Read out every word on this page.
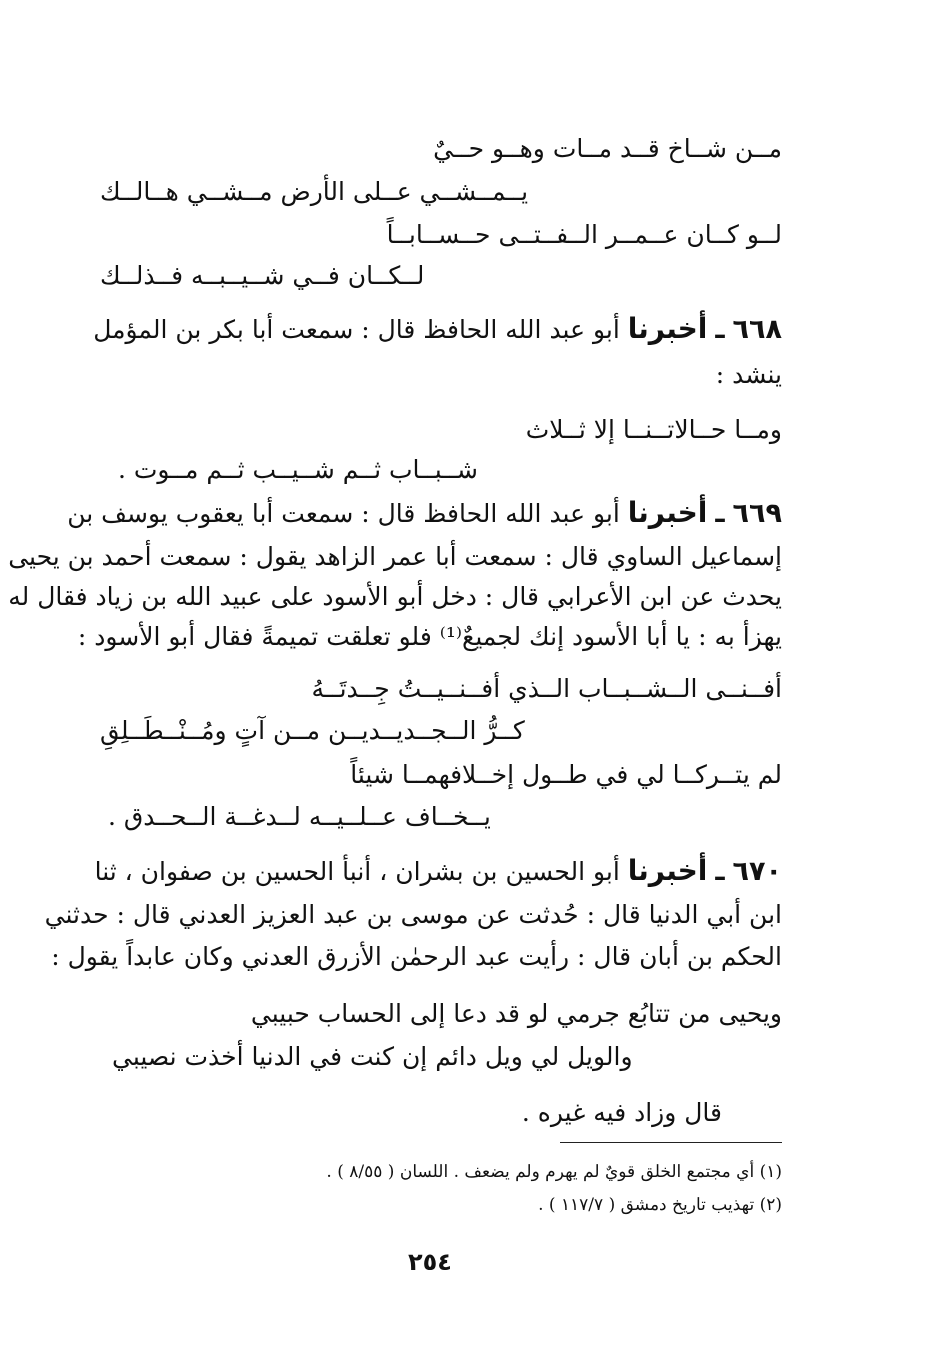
مــن شــاخ قــد مــات وهــو حــيٌ
يــمــشــي عــلى الأرض مــشــي هــالــك
لــو كــان عــمــر الــفــتــى حــســابــاً
لــكــان فــي شــيــبــه فــذلــك
٦٦٨ ـ أخبرنا أبو عبد الله الحافظ قال : سمعت أبا بكر بن المؤمل
ينشد :
ومــا حــالاتــنــا إلا ثــلاث
شــبــاب ثــم شــيــب ثــم مــوت .
٦٦٩ ـ أخبرنا أبو عبد الله الحافظ قال : سمعت أبا يعقوب يوسف بن
إسماعيل الساوي قال : سمعت أبا عمر الزاهد يقول : سمعت أحمد بن يحيى
يحدث عن ابن الأعرابي قال : دخل أبو الأسود على عبيد الله بن زياد فقال له
يهزأ به : يا أبا الأسود إنك لجميعٌ⁽¹⁾ فلو تعلقت تميمةً فقال أبو الأسود :
أفــنــى الــشــبــاب الــذي أفــنــيــتُ جِــدتَــهُ
كــرُّ الــجــديــديــن مــن آتٍ ومُــنْــطَــلِقِ
لم يتــركــا لي في طــول إخــلافهمــا شيئاً
يــخــاف عــلــيــه لــدغــة الــحــدق .
٦٧٠ ـ أخبرنا أبو الحسين بن بشران ، أنبأ الحسين بن صفوان ، ثنا
ابن أبي الدنيا قال : حُدثت عن موسى بن عبد العزيز العدني قال : حدثني
الحكم بن أبان قال : رأيت عبد الرحمٰن الأزرق العدني وكان عابداً يقول :
ويحيى من تتابُع جرمي لو قد دعا إلى الحساب حبيبي
والويل لي ويل دائم إن كنت في الدنيا أخذت نصيبي
قال وزاد فيه غيره .
(١) أي مجتمع الخلق قويٌ لم يهرم ولم يضعف . اللسان ( ٨/٥٥ ) .
(٢) تهذيب تاريخ دمشق ( ١١٧/٧ ) .
٢٥٤
